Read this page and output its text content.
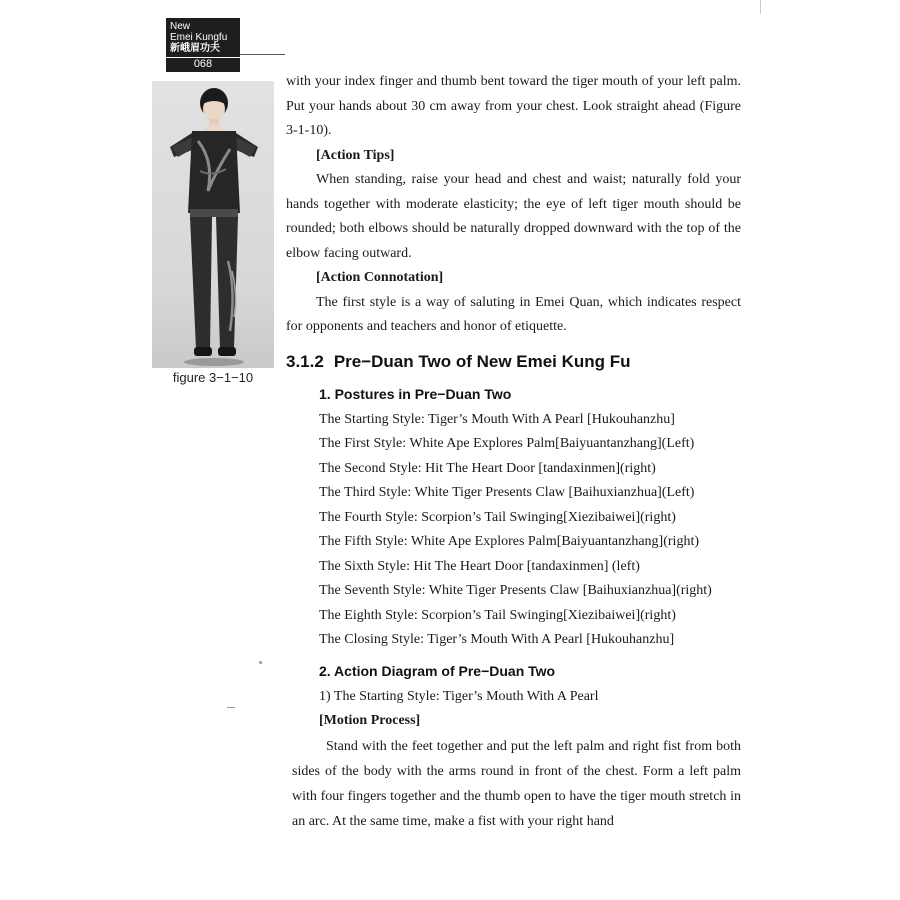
New
Emei Kungfu
新峨眉功夫
068
figure 3−1−10

with your index finger and thumb bent toward the tiger mouth of your left palm. Put your hands about 30 cm away from your chest. Look straight ahead (Figure 3-1-10).

[Action Tips]

When standing, raise your head and chest and waist; naturally fold your hands together with moderate elasticity; the eye of left tiger mouth should be rounded; both elbows should be naturally dropped downward with the top of the elbow facing outward.

[Action Connotation]

The first style is a way of saluting in Emei Quan, which indicates respect for opponents and teachers and honor of etiquette.

3.1.2 Pre−Duan Two of New Emei Kung Fu
1. Postures in Pre−Duan Two
The Starting Style: Tiger’s Mouth With A Pearl [Hukouhanzhu]
The First Style: White Ape Explores Palm[Baiyuantanzhang](Left)
The Second Style: Hit The Heart Door [tandaxinmen](right)
The Third Style: White Tiger Presents Claw [Baihuxianzhua](Left)
The Fourth Style: Scorpion’s Tail Swinging[Xiezibaiwei](right)
The Fifth Style: White Ape Explores Palm[Baiyuantanzhang](right)
The Sixth Style: Hit The Heart Door [tandaxinmen] (left)
The Seventh Style: White Tiger Presents Claw [Baihuxianzhua](right)
The Eighth Style: Scorpion’s Tail Swinging[Xiezibaiwei](right)
The Closing Style: Tiger’s Mouth With A Pearl [Hukouhanzhu]
2. Action Diagram of Pre−Duan Two

1) The Starting Style: Tiger’s Mouth With A Pearl

[Motion Process]

Stand with the feet together and put the left palm and right fist from both sides of the body with the arms round in front of the chest. Form a left palm with four fingers together and the thumb open to have the tiger mouth stretch in an arc. At the same time, make a fist with your right hand
